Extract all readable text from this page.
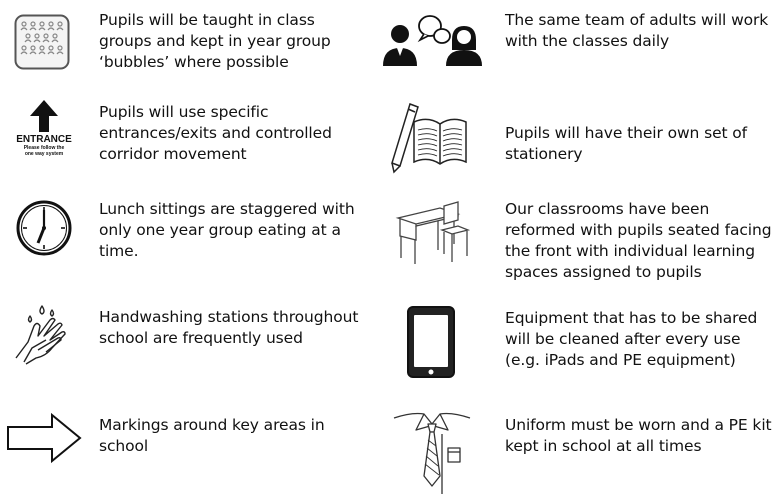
Pupils will be taught in class
groups and kept in year group
‘bubbles’ where possible
The same team of adults will work
with the classes daily
ENTRANCE
Please follow the
one way system
Pupils will use specific
entrances/exits and controlled
corridor movement
Pupils will have their own set of
stationery
Lunch sittings are staggered with
only one year group eating at a
time.
Our classrooms have been
reformed with pupils seated facing
the front with individual learning
spaces assigned to pupils
Handwashing stations throughout
school are frequently used
Equipment that has to be shared
will be cleaned after every use
(e.g. iPads and PE equipment)
Markings around key areas in
school
Uniform must be worn and a PE kit
kept in school at all times
